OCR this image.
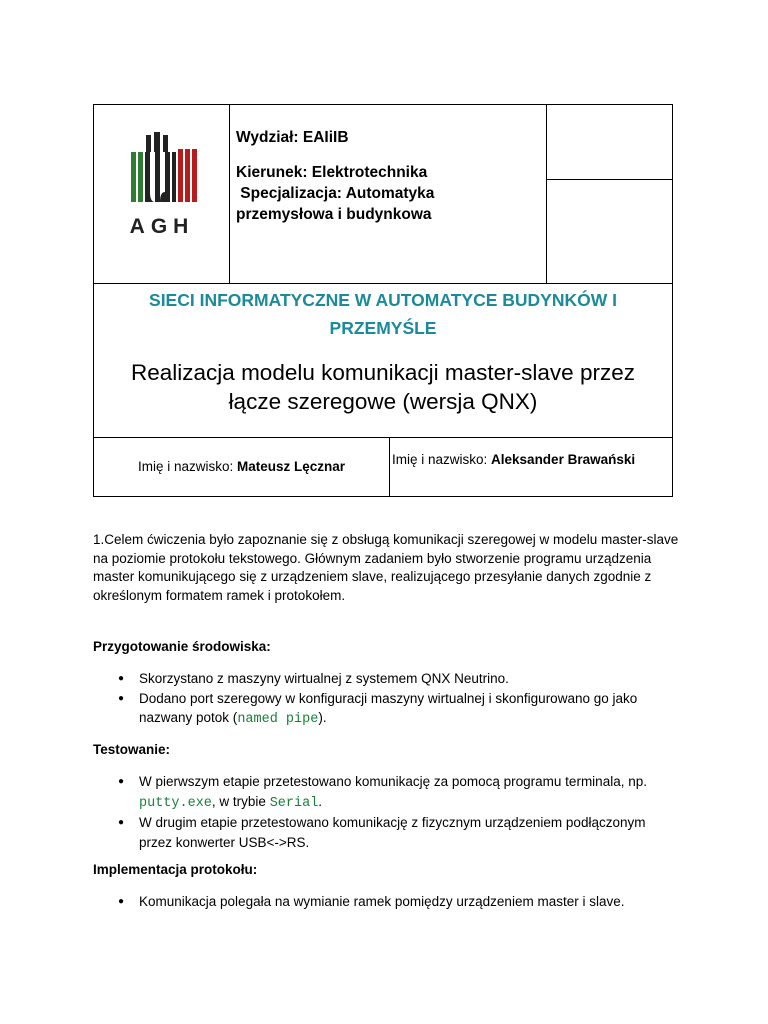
AGH
Wydział: EAIiIB
Kierunek: Elektrotechnika
Specjalizacja: Automatyka
przemysłowa i budynkowa
SIECI INFORMATYCZNE W AUTOMATYCE BUDYNKÓW I PRZEMYŚLE
Realizacja modelu komunikacji master-slave przez łącze szeregowe (wersja QNX)
Imię i nazwisko: Mateusz Lęcznar	Imię i nazwisko: Aleksander Brawański
1.Celem ćwiczenia było zapoznanie się z obsługą komunikacji szeregowej w modelu master-slave na poziomie protokołu tekstowego. Głównym zadaniem było stworzenie programu urządzenia master komunikującego się z urządzeniem slave, realizującego przesyłanie danych zgodnie z określonym formatem ramek i protokołem.
Przygotowanie środowiska:
● Skorzystano z maszyny wirtualnej z systemem QNX Neutrino.
● Dodano port szeregowy w konfiguracji maszyny wirtualnej i skonfigurowano go jako nazwany potok (named pipe).
Testowanie:
● W pierwszym etapie przetestowano komunikację za pomocą programu terminala, np. putty.exe, w trybie Serial.
● W drugim etapie przetestowano komunikację z fizycznym urządzeniem podłączonym przez konwerter USB<->RS.
Implementacja protokołu:
● Komunikacja polegała na wymianie ramek pomiędzy urządzeniem master i slave.
